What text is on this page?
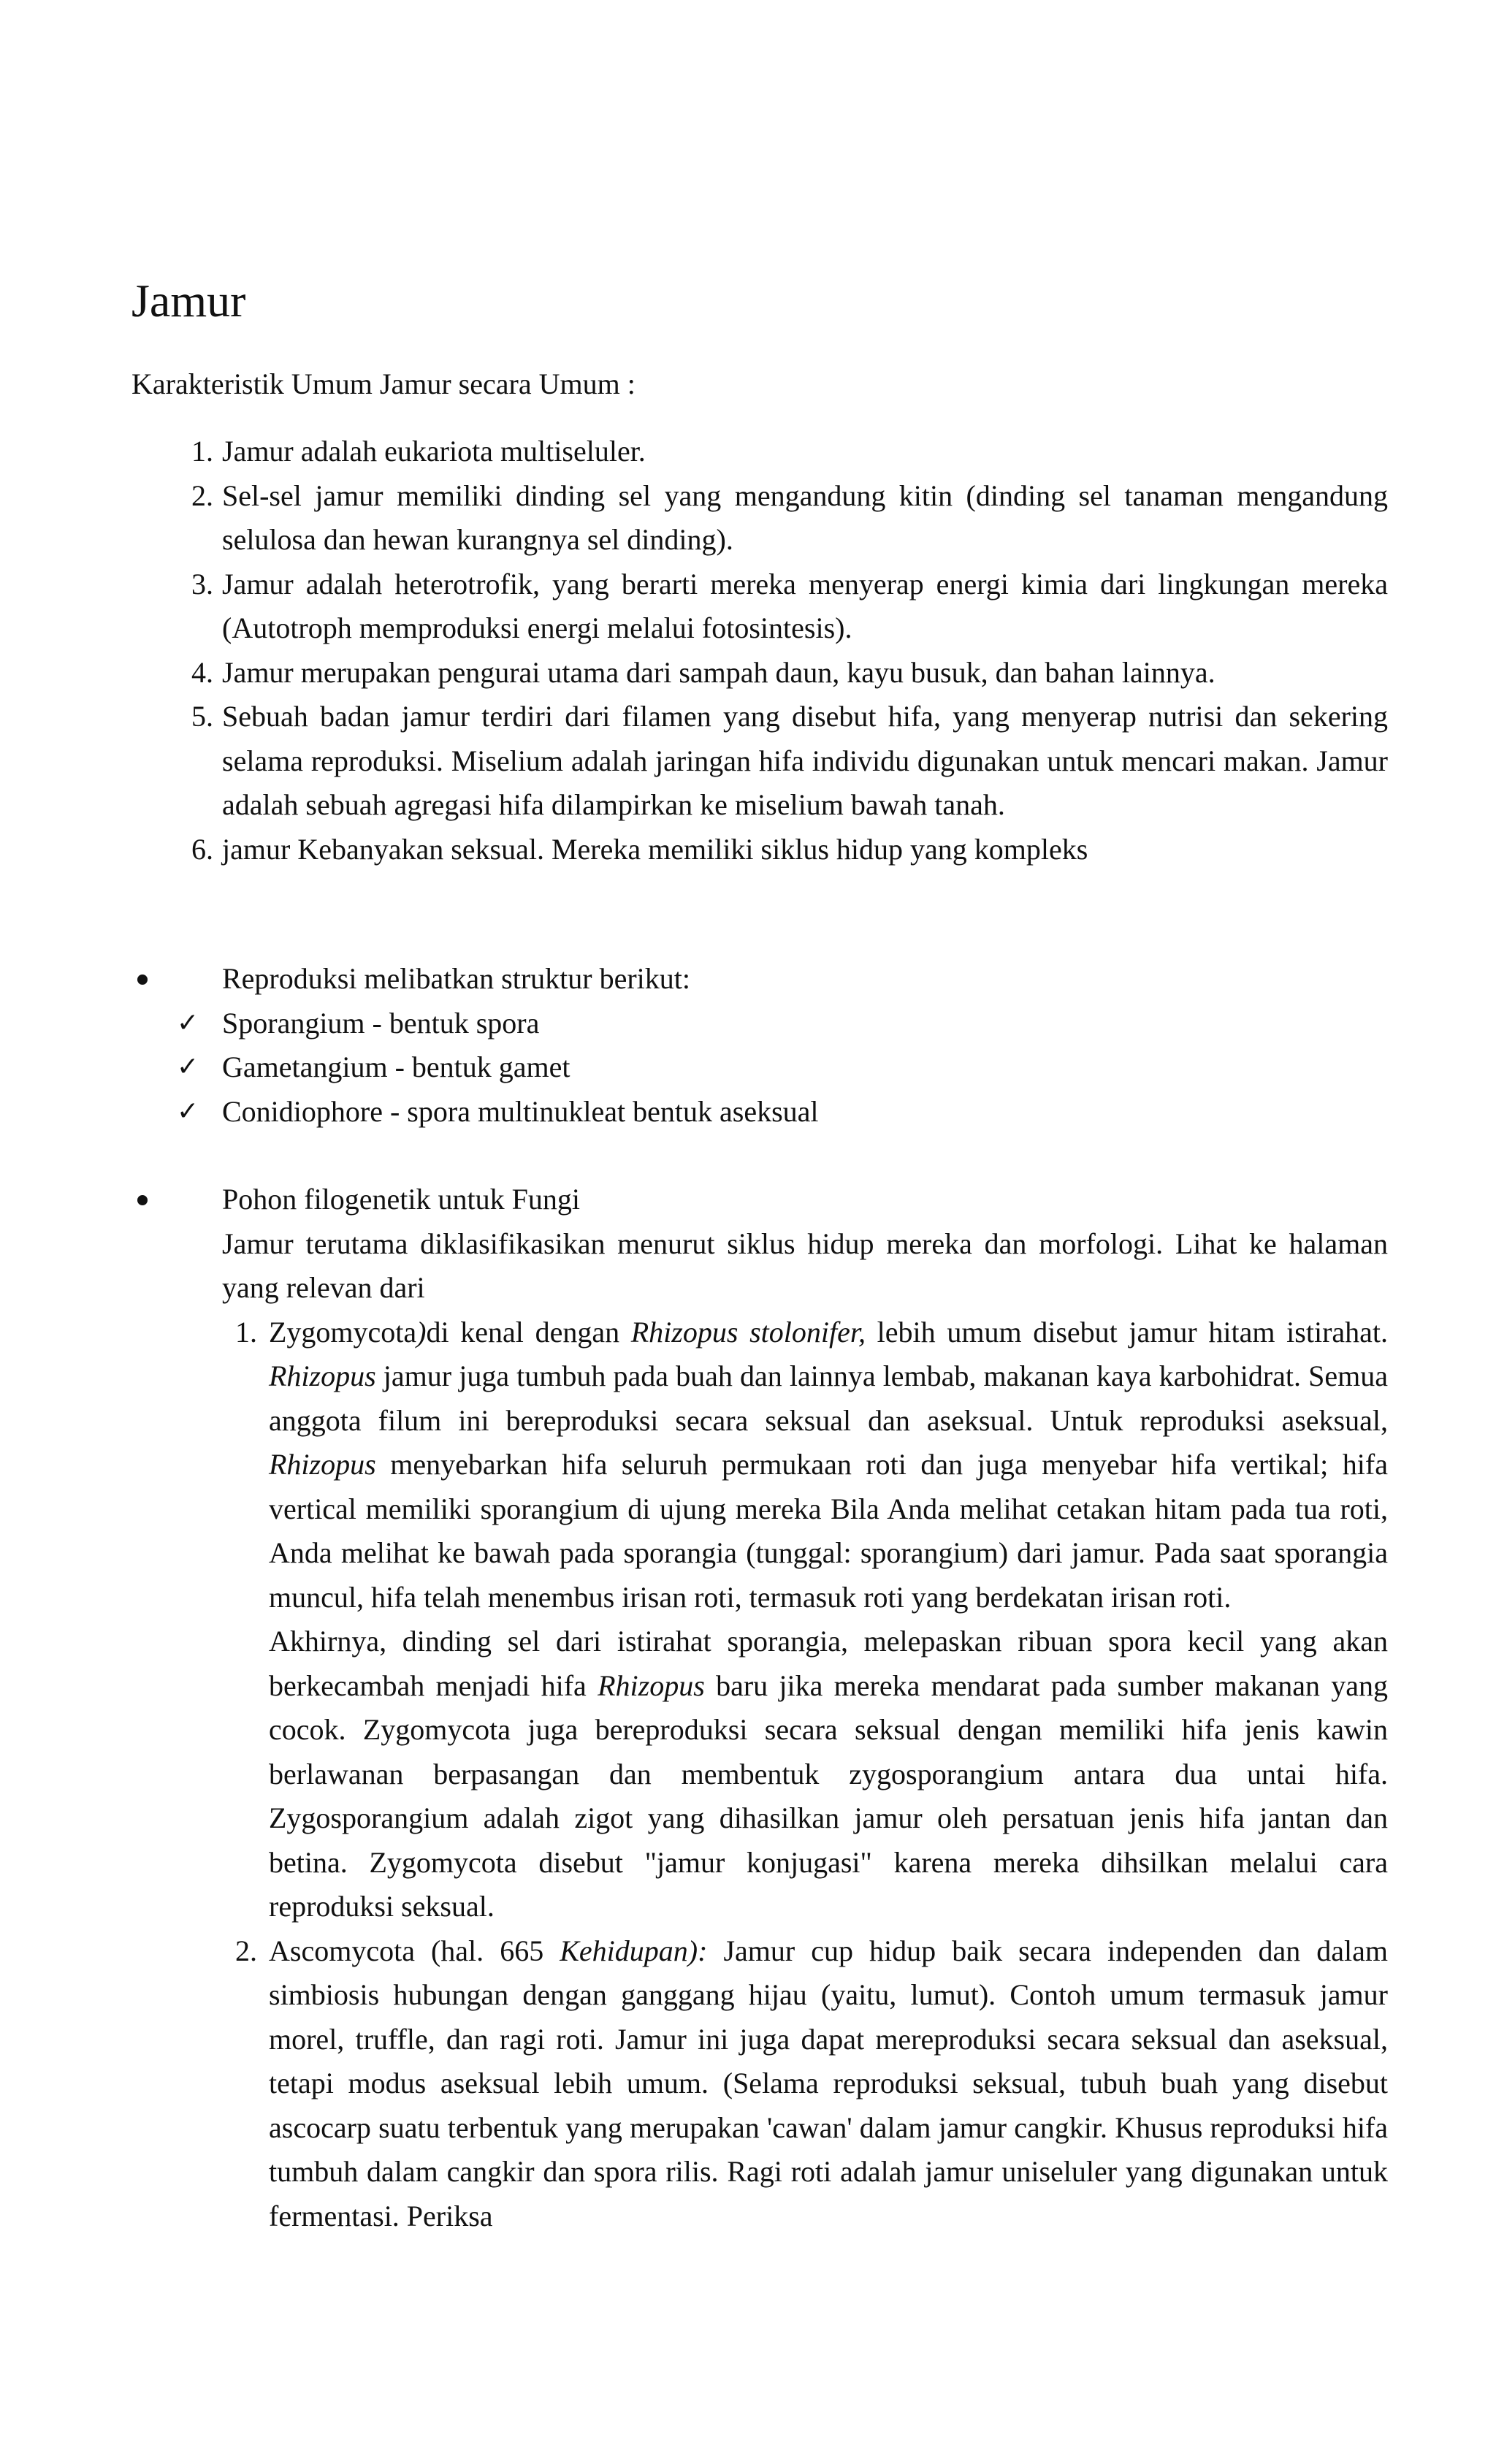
Jamur

Karakteristik Umum Jamur secara Umum :

1. Jamur adalah eukariota multiseluler.
2. Sel-sel jamur memiliki dinding sel yang mengandung kitin (dinding sel tanaman mengandung selulosa dan hewan kurangnya sel dinding).
3. Jamur adalah heterotrofik, yang berarti mereka menyerap energi kimia dari lingkungan mereka (Autotroph memproduksi energi melalui fotosintesis).
4. Jamur merupakan pengurai utama dari sampah daun, kayu busuk, dan bahan lainnya.
5. Sebuah badan jamur terdiri dari filamen yang disebut hifa, yang menyerap nutrisi dan sekering selama reproduksi. Miselium adalah jaringan hifa individu digunakan untuk mencari makan. Jamur adalah sebuah agregasi hifa dilampirkan ke miselium bawah tanah.
6. jamur Kebanyakan seksual. Mereka memiliki siklus hidup yang kompleks
Reproduksi melibatkan struktur berikut:
✓ Sporangium - bentuk spora
✓ Gametangium - bentuk gamet
✓ Conidiophore - spora multinukleat bentuk aseksual
Pohon filogenetik untuk Fungi
Jamur terutama diklasifikasikan menurut siklus hidup mereka dan morfologi. Lihat ke halaman yang relevan dari
1. Zygomycota)di kenal dengan Rhizopus stolonifer, lebih umum disebut jamur hitam istirahat. Rhizopus jamur juga tumbuh pada buah dan lainnya lembab, makanan kaya karbohidrat. Semua anggota filum ini bereproduksi secara seksual dan aseksual. Untuk reproduksi aseksual, Rhizopus menyebarkan hifa seluruh permukaan roti dan juga menyebar hifa vertikal; hifa vertical memiliki sporangium di ujung mereka Bila Anda melihat cetakan hitam pada tua roti, Anda melihat ke bawah pada sporangia (tunggal: sporangium) dari jamur. Pada saat sporangia muncul, hifa telah menembus irisan roti, termasuk roti yang berdekatan irisan roti.
Akhirnya, dinding sel dari istirahat sporangia, melepaskan ribuan spora kecil yang akan berkecambah menjadi hifa Rhizopus baru jika mereka mendarat pada sumber makanan yang cocok. Zygomycota juga bereproduksi secara seksual dengan memiliki hifa jenis kawin berlawanan berpasangan dan membentuk zygosporangium antara dua untai hifa. Zygosporangium adalah zigot yang dihasilkan jamur oleh persatuan jenis hifa jantan dan betina. Zygomycota disebut "jamur konjugasi" karena mereka dihsilkan melalui cara reproduksi seksual.
2. Ascomycota (hal. 665 Kehidupan): Jamur cup hidup baik secara independen dan dalam simbiosis hubungan dengan ganggang hijau (yaitu, lumut). Contoh umum termasuk jamur morel, truffle, dan ragi roti. Jamur ini juga dapat mereproduksi secara seksual dan aseksual, tetapi modus aseksual lebih umum. (Selama reproduksi seksual, tubuh buah yang disebut ascocarp suatu terbentuk yang merupakan 'cawan' dalam jamur cangkir. Khusus reproduksi hifa tumbuh dalam cangkir dan spora rilis. Ragi roti adalah jamur uniseluler yang digunakan untuk fermentasi. Periksa
